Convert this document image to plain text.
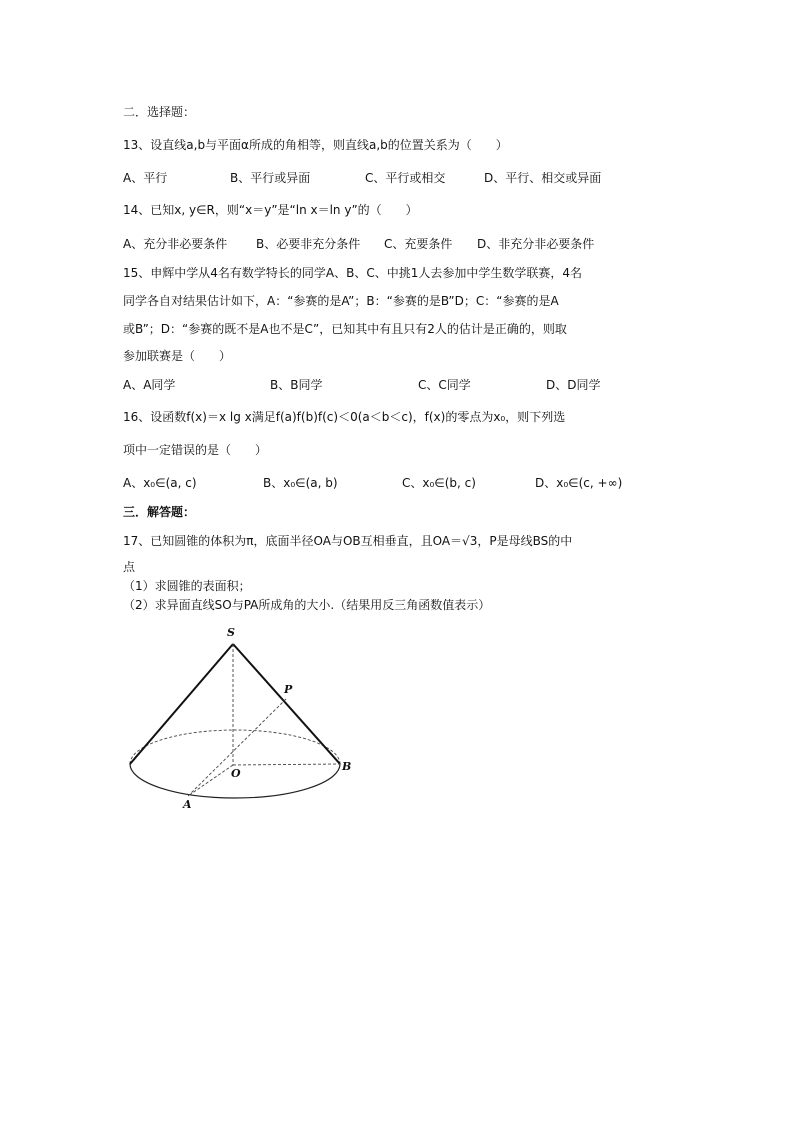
二．选择题：
13、设直线a,b与平面α所成的角相等，则直线a,b的位置关系为（　　）
A、平行	B、平行或异面	C、平行或相交	D、平行、相交或异面
14、已知x, y∈R，则“x＝y”是“ln x＝ln y”的（　　）
A、充分非必要条件 B、必要非充分条件 C、充要条件 D、非充分非必要条件
15、申辉中学从4名有数学特长的同学A、B、C、中挑1人去参加中学生数学联赛，4名
同学各自对结果估计如下，A：“参赛的是A”；B：“参赛的是B”D；C：“参赛的是A
或B”；D：“参赛的既不是A也不是C”，已知其中有且只有2人的估计是正确的，则取
参加联赛是（　　）
A、A同学	B、B同学	C、C同学	D、D同学
16、设函数f(x)＝x lg x满足f(a)f(b)f(c)＜0(a＜b＜c)，f(x)的零点为x₀，则下列选
项中一定错误的是（　　）
A、x₀∈(a, c)	B、x₀∈(a, b)	C、x₀∈(b, c)	D、x₀∈(c, +∞)
三．解答题：
17、已知圆锥的体积为π，底面半径OA与OB互相垂直，且OA＝√3，P是母线BS的中
点
（1）求圆锥的表面积；
（2）求异面直线SO与PA所成角的大小.（结果用反三角函数值表示）
S
P
O
B
A
